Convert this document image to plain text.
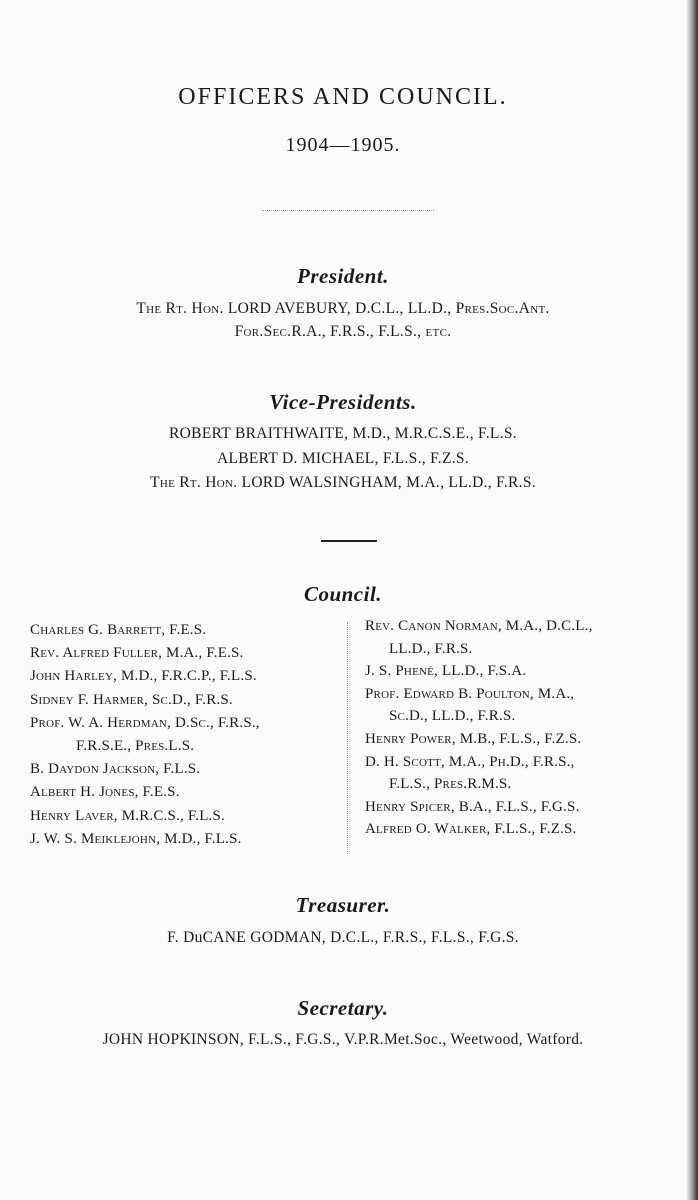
OFFICERS AND COUNCIL.
1904—1905.
President.
The Rt. Hon. LORD AVEBURY, D.C.L., LL.D., Pres.Soc.Ant.
For.Sec.R.A., F.R.S., F.L.S., etc.
Vice-Presidents.
ROBERT BRAITHWAITE, M.D., M.R.C.S.E., F.L.S.
ALBERT D. MICHAEL, F.L.S., F.Z.S.
The Rt. Hon. LORD WALSINGHAM, M.A., LL.D., F.R.S.
Council.
Charles G. Barrett, F.E.S.
Rev. Alfred Fuller, M.A., F.E.S.
John Harley, M.D., F.R.C.P., F.L.S.
Sidney F. Harmer, Sc.D., F.R.S.
Prof. W. A. Herdman, D.Sc., F.R.S.,
F.R.S.E., Pres.L.S.
B. Daydon Jackson, F.L.S.
Albert H. Jones, F.E.S.
Henry Laver, M.R.C.S., F.L.S.
J. W. S. Meiklejohn, M.D., F.L.S.
Rev. Canon Norman, M.A., D.C.L.,
LL.D., F.R.S.
J. S. Phené, LL.D., F.S.A.
Prof. Edward B. Poulton, M.A.,
Sc.D., LL.D., F.R.S.
Henry Power, M.B., F.L.S., F.Z.S.
D. H. Scott, M.A., Ph.D., F.R.S.,
F.L.S., Pres.R.M.S.
Henry Spicer, B.A., F.L.S., F.G.S.
Alfred O. Walker, F.L.S., F.Z.S.
Treasurer.
F. DuCANE GODMAN, D.C.L., F.R.S., F.L.S., F.G.S.
Secretary.
JOHN HOPKINSON, F.L.S., F.G.S., V.P.R.Met.Soc., Weetwood, Watford.
